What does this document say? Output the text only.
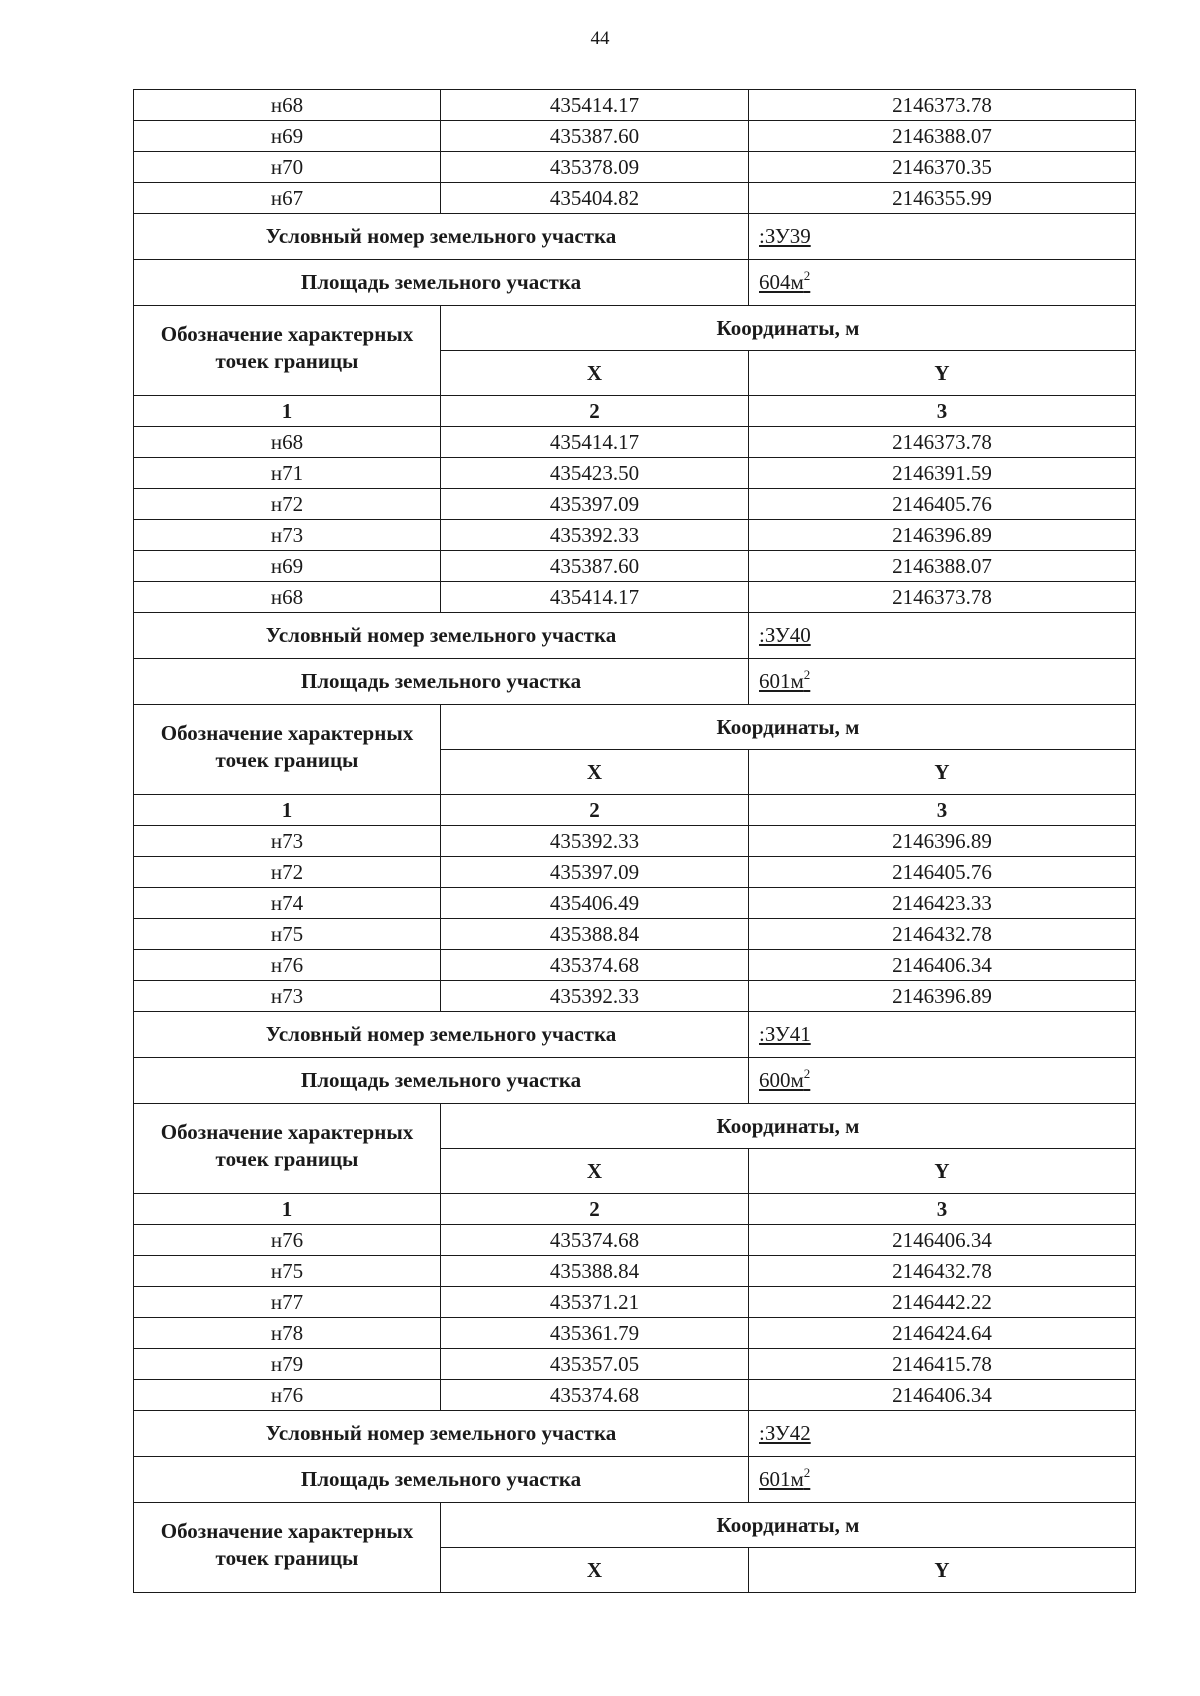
44
н68	435414.17	2146373.78
н69	435387.60	2146388.07
н70	435378.09	2146370.35
н67	435404.82	2146355.99
Условный номер земельного участка		:ЗУ39
Площадь земельного участка		$604м^2$
Обозначение характерных точек границы	Координаты, м	
	X	Y
1	2	3
н68	435414.17	2146373.78
н71	435423.50	2146391.59
н72	435397.09	2146405.76
н73	435392.33	2146396.89
н69	435387.60	2146388.07
н68	435414.17	2146373.78
Условный номер земельного участка		:ЗУ40
Площадь земельного участка		$601м^2$
Обозначение характерных точек границы	Координаты, м	
	X	Y
1	2	3
н73	435392.33	2146396.89
н72	435397.09	2146405.76
н74	435406.49	2146423.33
н75	435388.84	2146432.78
н76	435374.68	2146406.34
н73	435392.33	2146396.89
Условный номер земельного участка		:ЗУ41
Площадь земельного участка		$600м^2$
Обозначение характерных точек границы	Координаты, м	
	X	Y
1	2	3
н76	435374.68	2146406.34
н75	435388.84	2146432.78
н77	435371.21	2146442.22
н78	435361.79	2146424.64
н79	435357.05	2146415.78
н76	435374.68	2146406.34
Условный номер земельного участка		:ЗУ42
Площадь земельного участка		$601м^2$
Обозначение характерных точек границы	Координаты, м	
	X	Y
